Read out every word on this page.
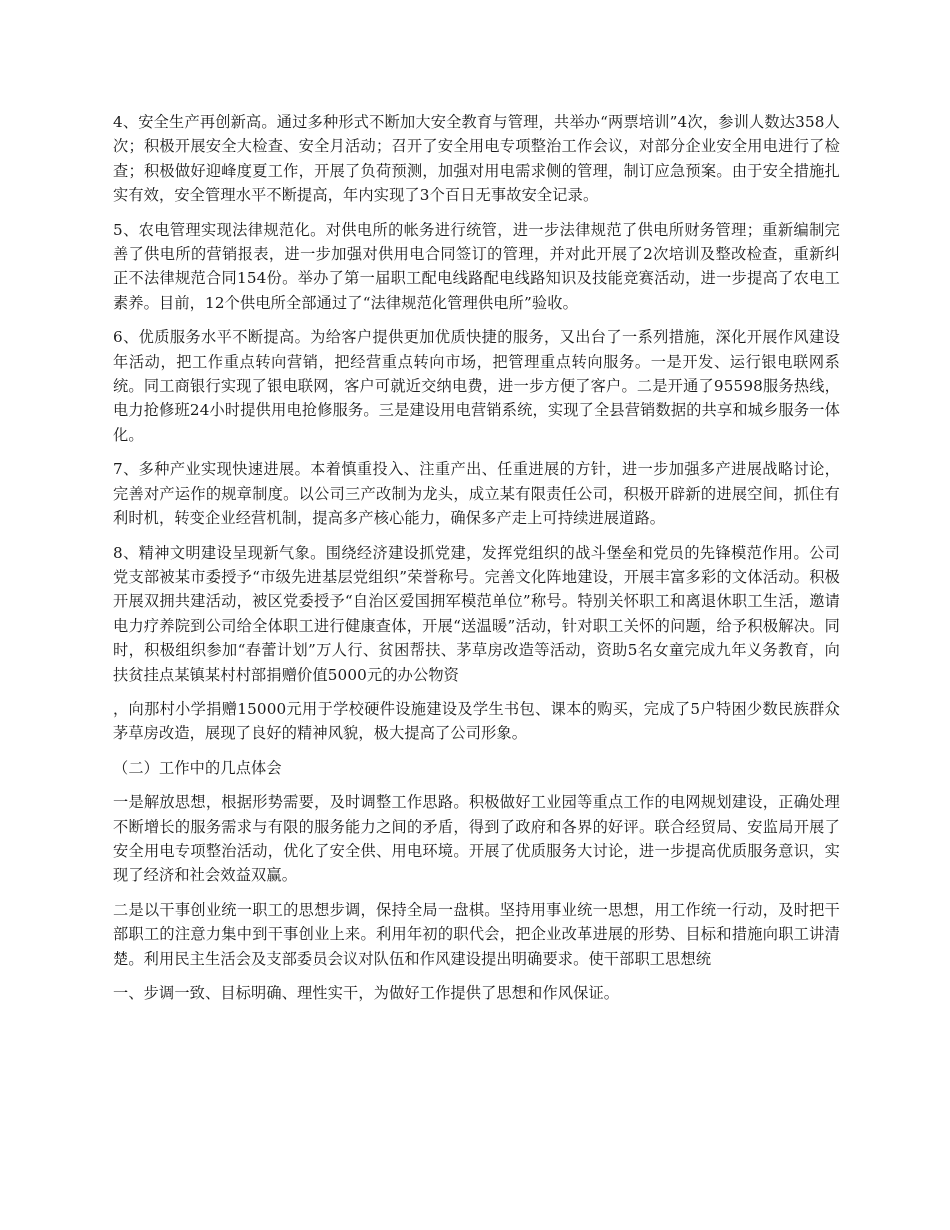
4、安全生产再创新高。通过多种形式不断加大安全教育与管理，共举办“两票培训”4次，参训人数达358人次；积极开展安全大检查、安全月活动；召开了安全用电专项整治工作会议，对部分企业安全用电进行了检查；积极做好迎峰度夏工作，开展了负荷预测，加强对用电需求侧的管理，制订应急预案。由于安全措施扎实有效，安全管理水平不断提高，年内实现了3个百日无事故安全记录。

5、农电管理实现法律规范化。对供电所的帐务进行统管，进一步法律规范了供电所财务管理；重新编制完善了供电所的营销报表，进一步加强对供用电合同签订的管理，并对此开展了2次培训及整改检查，重新纠正不法律规范合同154份。举办了第一届职工配电线路配电线路知识及技能竞赛活动，进一步提高了农电工素养。目前，12个供电所全部通过了“法律规范化管理供电所”验收。

6、优质服务水平不断提高。为给客户提供更加优质快捷的服务，又出台了一系列措施，深化开展作风建设年活动，把工作重点转向营销，把经营重点转向市场，把管理重点转向服务。一是开发、运行银电联网系统。同工商银行实现了银电联网，客户可就近交纳电费，进一步方便了客户。二是开通了95598服务热线，电力抢修班24小时提供用电抢修服务。三是建设用电营销系统，实现了全县营销数据的共享和城乡服务一体化。

7、多种产业实现快速进展。本着慎重投入、注重产出、任重进展的方针，进一步加强多产进展战略讨论，完善对产运作的规章制度。以公司三产改制为龙头，成立某有限责任公司，积极开辟新的进展空间，抓住有利时机，转变企业经营机制，提高多产核心能力，确保多产走上可持续进展道路。

8、精神文明建设呈现新气象。围绕经济建设抓党建，发挥党组织的战斗堡垒和党员的先锋模范作用。公司党支部被某市委授予“市级先进基层党组织”荣誉称号。完善文化阵地建设，开展丰富多彩的文体活动。积极开展双拥共建活动，被区党委授予“自治区爱国拥军模范单位”称号。特别关怀职工和离退休职工生活，邀请电力疗养院到公司给全体职工进行健康查体，开展“送温暖”活动，针对职工关怀的问题，给予积极解决。同时，积极组织参加“春蕾计划”万人行、贫困帮扶、茅草房改造等活动，资助5名女童完成九年义务教育，向扶贫挂点某镇某村村部捐赠价值5000元的办公物资

，向那村小学捐赠15000元用于学校硬件设施建设及学生书包、课本的购买，完成了5户特困少数民族群众茅草房改造，展现了良好的精神风貌，极大提高了公司形象。

（二）工作中的几点体会

一是解放思想，根据形势需要，及时调整工作思路。积极做好工业园等重点工作的电网规划建设，正确处理不断增长的服务需求与有限的服务能力之间的矛盾，得到了政府和各界的好评。联合经贸局、安监局开展了安全用电专项整治活动，优化了安全供、用电环境。开展了优质服务大讨论，进一步提高优质服务意识，实现了经济和社会效益双赢。

二是以干事创业统一职工的思想步调，保持全局一盘棋。坚持用事业统一思想，用工作统一行动，及时把干部职工的注意力集中到干事创业上来。利用年初的职代会，把企业改革进展的形势、目标和措施向职工讲清楚。利用民主生活会及支部委员会议对队伍和作风建设提出明确要求。使干部职工思想统

一、步调一致、目标明确、理性实干，为做好工作提供了思想和作风保证。
